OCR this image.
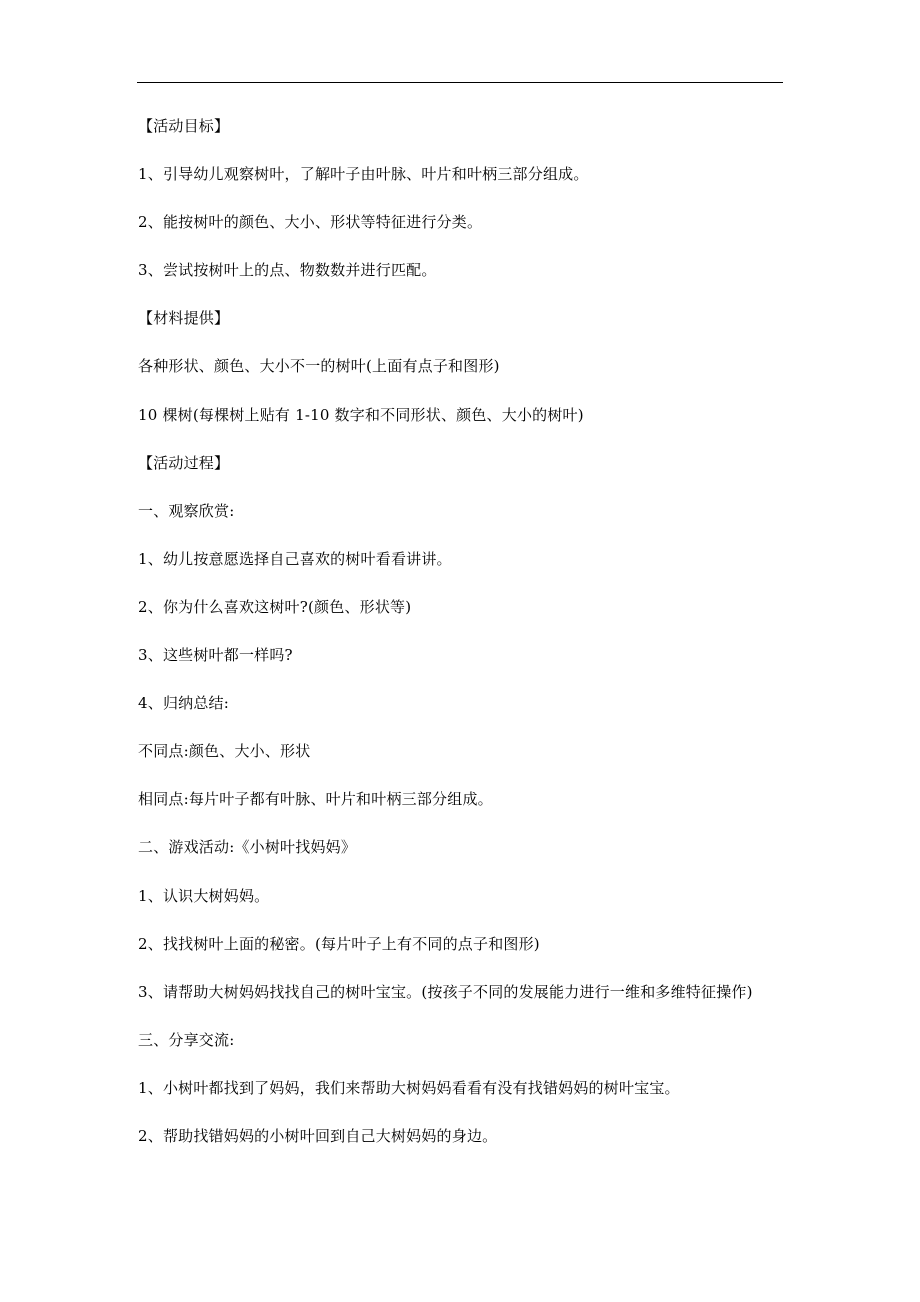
【活动目标】
1、引导幼儿观察树叶，了解叶子由叶脉、叶片和叶柄三部分组成。
2、能按树叶的颜色、大小、形状等特征进行分类。
3、尝试按树叶上的点、物数数并进行匹配。
【材料提供】
各种形状、颜色、大小不一的树叶(上面有点子和图形)
10 棵树(每棵树上贴有 1-10 数字和不同形状、颜色、大小的树叶)
【活动过程】
一、观察欣赏:
1、幼儿按意愿选择自己喜欢的树叶看看讲讲。
2、你为什么喜欢这树叶?(颜色、形状等)
3、这些树叶都一样吗?
4、归纳总结:
不同点:颜色、大小、形状
相同点:每片叶子都有叶脉、叶片和叶柄三部分组成。
二、游戏活动:《小树叶找妈妈》
1、认识大树妈妈。
2、找找树叶上面的秘密。(每片叶子上有不同的点子和图形)
3、请帮助大树妈妈找找自己的树叶宝宝。(按孩子不同的发展能力进行一维和多维特征操作)
三、分享交流:
1、小树叶都找到了妈妈，我们来帮助大树妈妈看看有没有找错妈妈的树叶宝宝。
2、帮助找错妈妈的小树叶回到自己大树妈妈的身边。
